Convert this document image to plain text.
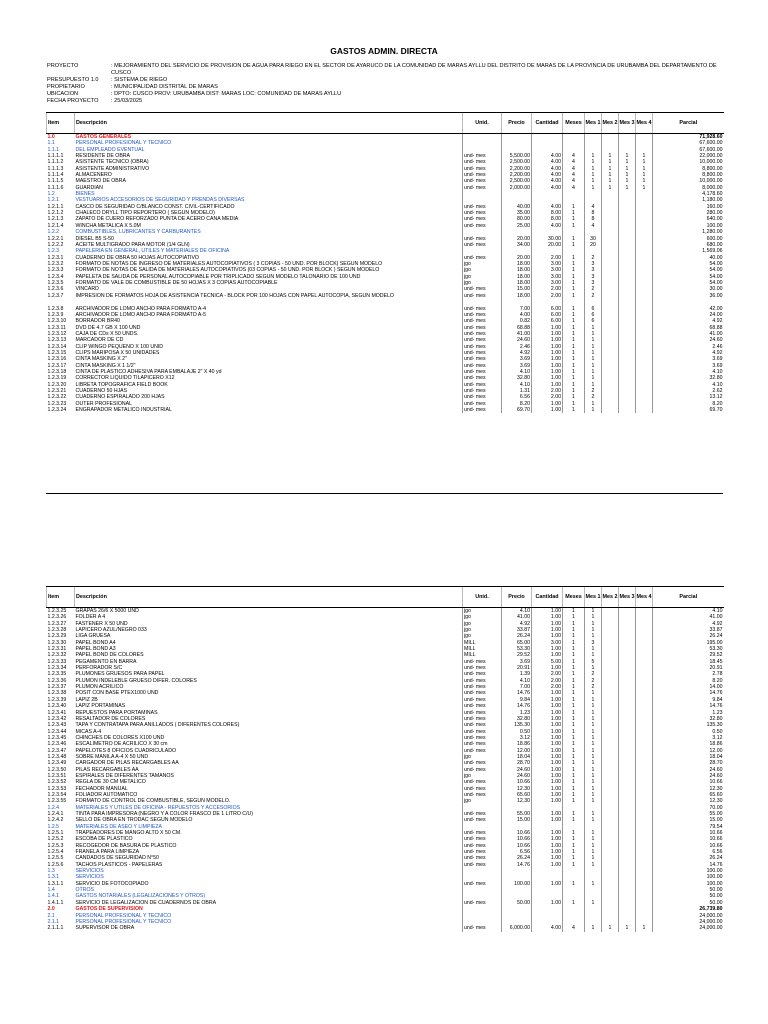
GASTOS ADMIN. DIRECTA
PROYECTO	: MEJORAMIENTO DEL SERVICIO DE PROVISION DE AGUA PARA RIEGO EN EL SECTOR DE AYARUCO DE LA COMUNIDAD DE MARAS AYLLU DEL DISTRITO DE MARAS DE LA PROVINCIA DE URUBAMBA DEL DEPARTAMENTO DE CUSCO
PRESUPUESTO 1.0	: SISTEMA DE RIEGO
PROPIETARIO	: MUNICIPALIDAD DISTRITAL DE MARAS
UBICACION	: DPTO: CUSCO PROV: URUBAMBA DIST: MARAS LOC: COMUNIDAD DE MARAS AYLLU
FECHA PROYECTO	: 25/03/2025
Item	Descripción	Unid.	Precio	Cantidad	Meses	Mes 1	Mes 2	Mes 3	Mes 4	Parcial
1.0	GASTOS GENERALES									71,928.60
1.1	PERSONAL PROFESIONAL Y TECNICO									67,600.00
1.1.1	DEL EMPLEADO EVENTUAL									67,600.00
1.1.1.1	RESIDENTE DE OBRA	und- mes	5,500.00	4.00	4	1	1	1	1	22,000.00
1.1.1.2	ASISTENTE TECNICO (OBRA)	und- mes	2,500.00	4.00	4	1	1	1	1	10,000.00
1.1.1.3	ASISTENTE ADMINISTRATIVO	und- mes	2,200.00	4.00	4	1	1	1	1	8,800.00
1.1.1.4	ALMACENERO	und- mes	2,200.00	4.00	4	1	1	1	1	8,800.00
1.1.1.5	MAESTRO DE OBRA	und- mes	2,500.00	4.00	4	1	1	1	1	10,000.00
1.1.1.6	GUARDIAN	und- mes	2,000.00	4.00	4	1	1	1	1	8,000.00
1.2	BIENES									4,178.60
1.2.1	VESTUARIOS ACCESORIOS DE SEGURIDAD Y PRENDAS DIVERSAS									1,180.00
1.2.1.1	CASCO DE SEGURIDAD C/BLANCO CONST. CIVIL-CERTIFICADO	und- mes	40.00	4.00	1	4				160.00
1.2.1.2	CHALECO DRYLL TIPO REPORTERO ( SEGÚN MODELO)	und- mes	35.00	8.00	1	8				280.00
1.2.1.3	ZAPATO DE CUERO REFORZADO PUNTA DE ACERO CANA MEDIA	und- mes	80.00	8.00	1	8				640.00
1.2.1.4	WINCHA METALICA X 5.0M	und- mes	25.00	4.00	1	4				100.00
1.2.2	COMBUSTIBLES, LUBRICANTES Y CARBURANTES									1,280.00
1.2.2.1	DIESEL B5 S-50	und- mes	20.00	30.00	1	30				600.00
1.2.2.2	ACEITE MULTIGRADO PARA MOTOR (1/4 GLN)	und- mes	34.00	20.00	1	20				680.00
1.2.3	PAPELERIA EN GENERAL, UTILES Y MATERIALES DE OFICINA									1,569.06
1.2.3.1	CUADERNO DE OBRA 50 HOJAS AUTOCOPIATIVO	und- mes	20.00	2.00	1	2				40.00
1.2.3.2	FORMATO DE NOTAS DE INGRESO DE MATERIALES AUTOCOPIATIVOS ( 3 COPIAS - 50 UND. POR BLOCK) SEGUN MODELO	jgo	18.00	3.00	1	3				54.00
1.2.3.3	FORMATO DE NOTAS DE SALIDA DE MATERIALES AUTOCOPIATIVOS (03 COPIAS - 50 UND. POR BLOCK ) SEGUN MODELO	jgo	18.00	3.00	1	3				54.00
1.2.3.4	PAPELETA DE SALIDA DE PERSONAL AUTOCOPIABLE POR TRIPLICADO SEGUN MODELO TALONARIO DE 100 UND	jgo	18.00	3.00	1	3				54.00
1.2.3.5	FORMATO DE VALE DE COMBUSTIBLE DE 50 HOJAS X 3 COPIAS AUTOCOPIABLE	jgo	18.00	3.00	1	3				54.00
1.2.3.6	VINCARD	und- mes	15.00	2.00	1	2				30.00
1.2.3.7	IMPRESION DE FORMATOS HOJA DE ASISTENCIA TECNICA - BLOCK POR 100 HOJAS CON PAPEL AUTOCOPIA, SEGUN MODELO	und- mes	18.00	2.00	1	2				36.00
1.2.3.8	ARCHIVADOR DE LOMO ANCHO PARA FORMATO A-4	und- mes	7.00	6.00	1	6				42.00
1.2.3.9	ARCHIVADOR DE LOMO ANCHO PARA FORMATO A-5	und- mes	4.00	6.00	1	6				24.00
1.2.3.10	BORRADOR BR40	und- mes	0.82	6.00	1	6				4.92
1.2.3.11	DVD DE 4.7 GB X 100 UND	und- mes	68.88	1.00	1	1				68.88
1.2.3.12	CAJA DE CDs X 50 UNDS.	und- mes	41.00	1.00	1	1				41.00
1.2.3.13	MARCADOR DE CD	und- mes	24.60	1.00	1	1				24.60
1.2.3.14	CLIP WINGO PEQUEÑO X 100 UNID	und- mes	2.46	1.00	1	1				2.46
1.2.3.15	CLIPS MARIPOSA X 50 UNIDADES	und- mes	4.92	1.00	1	1				4.92
1.2.3.16	CINTA MASKING X 2"	und- mes	3.69	1.00	1	1				3.69
1.2.3.17	CINTA MASKING X 1 1/2"	und- mes	3.69	1.00	1	1				3.69
1.2.3.18	CINTA DE PLASTICO ADHESIVA PARA EMBALAJE 2" X 40 yd	und- mes	4.10	1.00	1	1				4.10
1.2.3.19	CORRECTOR LIQUIDO TILAPICERO X12	und- mes	32.80	1.00	1	1				32.80
1.2.3.20	LIBRETA TOPOGRAFICA FIELD BOOK	und- mes	4.10	1.00	1	1				4.10
1.2.3.21	CUADERNO 50 HJAS	und- mes	1.31	2.00	1	2				2.62
1.2.3.22	CUADERNO ESPIRALADO 200 HJAS	und- mes	6.56	2.00	1	2				13.12
1.2.3.23	OUTER PROFESIONAL	und- mes	8.20	1.00	1	1				8.20
1.2.3.24	ENGRAPADOR METALICO INDUSTRIAL	und- mes	69.70	1.00	1	1				69.70
Item	Descripción	Unid.	Precio	Cantidad	Meses	Mes 1	Mes 2	Mes 3	Mes 4	Parcial
1.2.3.25	GRAPAS 26/6 X 5000 UND	jgo	4.10	1.00	1	1				4.10
1.2.3.26	FOLDER A 4	jgo	41.00	1.00	1	1				41.00
1.2.3.27	FASTENER X 50 UND	jgo	4.92	1.00	1	1				4.92
1.2.3.28	LAPICERO AZUL/NEGRO 033	jgo	33.87	1.00	1	1				33.87
1.2.3.29	LIGA GRUESA	jgo	26.24	1.00	1	1				26.24
1.2.3.30	PAPEL BOND A4	MILL	65.00	3.00	1	3				195.00
1.2.3.31	PAPEL BOND A3	MILL	53.30	1.00	1	1				53.30
1.2.3.32	PAPEL BOND DE COLORES	MILL	29.52	1.00	1	1				29.52
1.2.3.33	PEGAMENTO EN BARRA	und- mes	3.69	5.00	1	5				18.45
1.2.3.34	PERFORADOR S/C	und- mes	20.91	1.00	1	1				20.91
1.2.3.35	PLUMONES GRUESOS PARA PAPEL	und- mes	1.39	2.00	1	2				2.78
1.2.3.36	PLUMON INDELEBLE GRUESO DIFER. COLORES	und- mes	4.10	2.00	1	2				8.20
1.2.3.37	PLUMON ACRILICO	und- mes	7.00	2.00	1	2				14.00
1.2.3.38	POSIT CON BASE PTEX1000 UND	und- mes	14.76	1.00	1	1				14.76
1.2.3.39	LAPIZ 2B	und- mes	9.84	1.00	1	1				9.84
1.2.3.40	LAPIZ PORTAMINAS	und- mes	14.76	1.00	1	1				14.76
1.2.3.41	REPUESTOS PARA PORTAMINAS	und- mes	1.23	1.00	1	1				1.23
1.2.3.42	RESALTADOR DE COLORES	und- mes	32.80	1.00	1	1				32.80
1.2.3.43	TAPA Y CONTRATAPA PARA ANILLADOS ( DIFERENTES COLORES)	und- mes	135.30	1.00	1	1				135.30
1.2.3.44	MICAS A-4	und- mes	0.50	1.00	1	1				0.50
1.2.3.45	CHINCHES DE COLORES X100 UND	und- mes	3.12	1.00	1	1				3.12
1.2.3.46	ESCALIMETRO DE ACRILICO X 30 cm	und- mes	18.86	1.00	1	1				18.86
1.2.3.47	PAPELOTES 8 OFICIOS CUADRICULADO	und- mes	12.00	1.00	1	1				12.00
1.2.3.48	SOBRE MANILA A-4 X 50 UND	jgo	18.04	1.00	1	1				18.04
1.2.3.49	CARGADOR DE PILAS RECARGABLES AA	und- mes	28.70	1.00	1	1				28.70
1.2.3.50	PILAS RECARGABLES AA	und- mes	24.60	1.00	1	1				24.60
1.2.3.51	ESPIRALES DE DIFERENTES TAMAÑOS	jgo	24.60	1.00	1	1				24.60
1.2.3.52	REGLA DE 30 CM METALICO	und- mes	10.66	1.00	1	1				10.66
1.2.3.53	FECHADOR MANUAL	und- mes	12.30	1.00	1	1				12.30
1.2.3.54	FOLIADOR AUTOMATICO	und- mes	65.60	1.00	1	1				65.60
1.2.3.55	FORMATO DE CONTROL DE COMBUSTIBLE, SEGUN MODELO.	jgo	12.30	1.00	1	1				12.30
1.2.4	MATERIALES Y UTILES DE OFICINA - REPUESTOS Y ACCESORIOS									70.00
1.2.4.1	TINTA PARA IMPRESORA (NEGRO Y A COLOR FRASCO DE 1 LITRO C/U)	und- mes	55.00	1.00	1	1				55.00
1.2.4.2	SELLO DE OBRA EN TRODAC SEGUN MODELO	und- mes	15.00	1.00	1	1				15.00
1.2.5	MATERIALES DE ASEO Y LIMPIEZA									79.54
1.2.5.1	TRAPEADORES DE MANGO ALTO X 50 CM.	und- mes	10.66	1.00	1	1				10.66
1.2.5.2	ESCOBA DE PLASTICO	und- mes	10.66	1.00	1	1				10.66
1.2.5.3	RECOGEDOR DE BASURA DE PLASTICO	und- mes	10.66	1.00	1	1				10.66
1.2.5.4	FRANELA PARA LIMPIEZA	und- mes	6.56	1.00	1	1				6.56
1.2.5.5	CANDADOS DE SEGURIDAD N°50	und- mes	26.24	1.00	1	1				26.24
1.2.5.6	TACHOS PLASTICOS - PAPELERAS	und- mes	14.76	1.00	1	1				14.76
1.3	SERVICIOS									100.00
1.3.1	SERVICIOS									100.00
1.3.1.1	SERVICIO DE FOTOCOPIADO	und- mes	100.00	1.00	1	1				100.00
1.4	OTROS									50.00
1.4.1	GASTOS NOTARIALES (LEGALIZACIONES Y OTROS)									50.00
1.4.1.1	SERVICIO DE LEGALIZACION DE CUADERNOS DE OBRA	und- mes	50.00	1.00	1	1				50.00
2.0	GASTOS DE SUPERVISION									26,739.80
2.1	PERSONAL PROFESIONAL Y TECNICO									24,000.00
2.1.1	PERSONAL PROFESIONAL Y TECNICO									24,000.00
2.1.1.1	SUPERVISOR DE OBRA	und- mes	6,000.00	4.00	4	1	1	1	1	24,000.00
